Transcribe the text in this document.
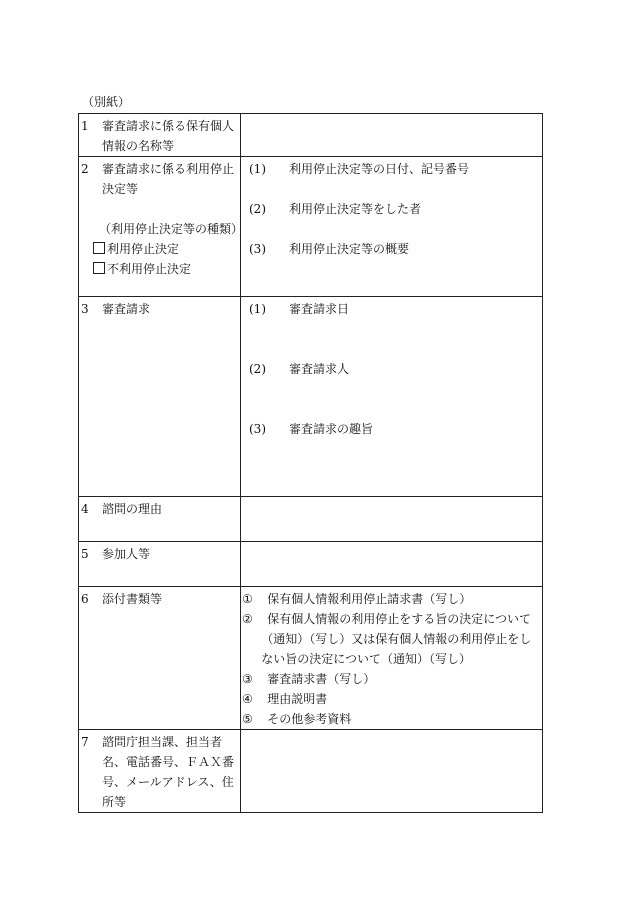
（別紙）
1 審査請求に係る保有個人情報の名称等	

2 審査請求に係る利用停止決定等
（利用停止決定等の種類）
利用停止決定
不利用停止決定	(1) 利用停止決定等の日付、記号番号
(2) 利用停止決定等をした者
(3) 利用停止決定等の概要

3 審査請求	(1) 審査請求日
(2) 審査請求人
(3) 審査請求の趣旨

4 諮問の理由	

5 参加人等	

6 添付書類等	① 保有個人情報利用停止請求書（写し）
② 保有個人情報の利用停止をする旨の決定について（通知）（写し）又は保有個人情報の利用停止をしない旨の決定について（通知）（写し）
③ 審査請求書（写し）
④ 理由説明書
⑤ その他参考資料

7 諮問庁担当課、担当者名、電話番号、ＦＡＸ番号、メールアドレス、住所等	
